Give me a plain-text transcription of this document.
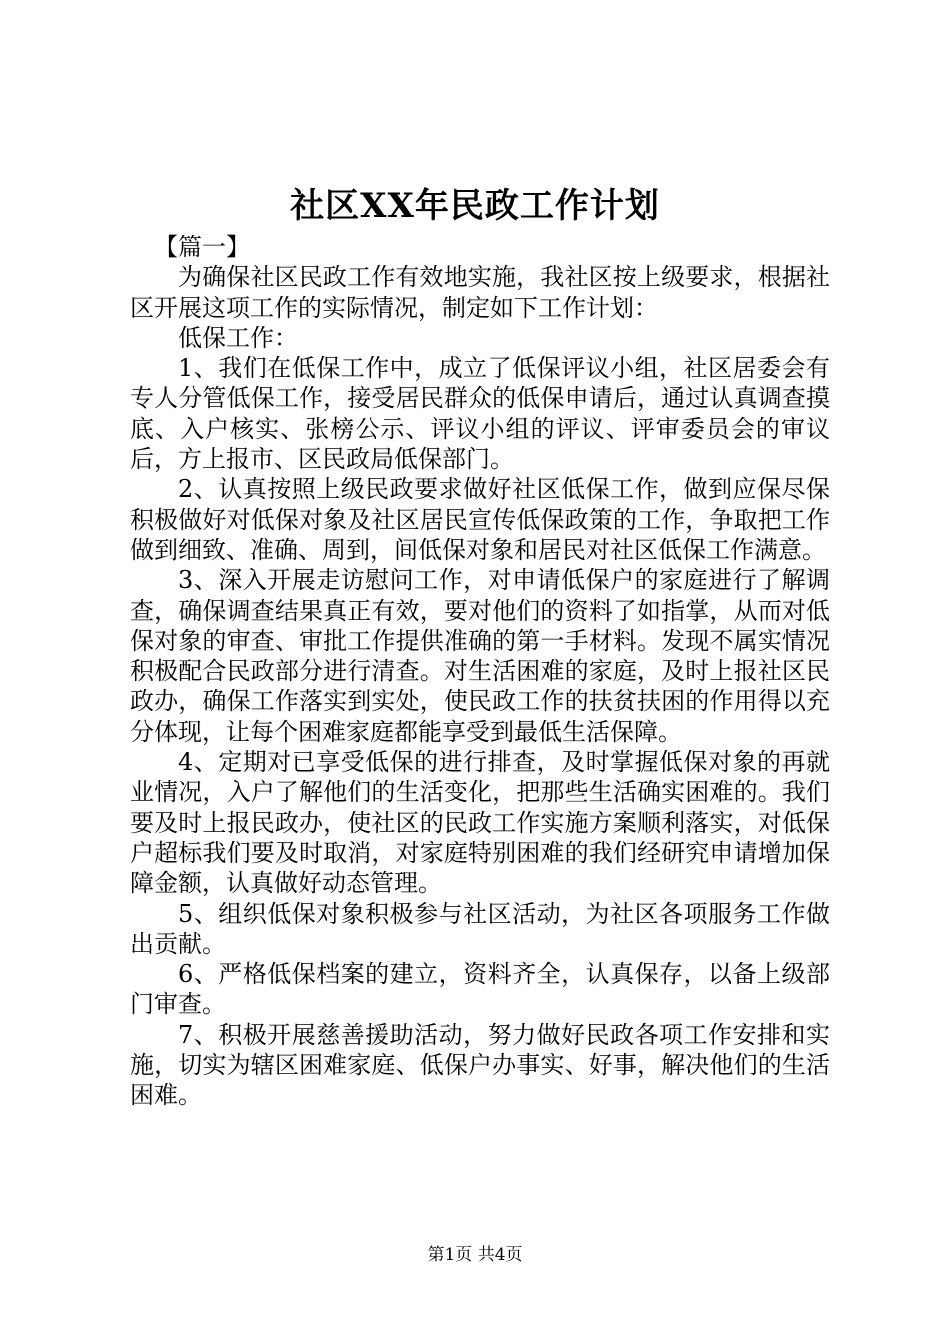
社区XX年民政工作计划

【篇一】

为确保社区民政工作有效地实施，我社区按上级要求，根据社区开展这项工作的实际情况，制定如下工作计划：

低保工作：

1、我们在低保工作中，成立了低保评议小组，社区居委会有专人分管低保工作，接受居民群众的低保申请后，通过认真调查摸底、入户核实、张榜公示、评议小组的评议、评审委员会的审议后，方上报市、区民政局低保部门。

2、认真按照上级民政要求做好社区低保工作，做到应保尽保积极做好对低保对象及社区居民宣传低保政策的工作，争取把工作做到细致、准确、周到，间低保对象和居民对社区低保工作满意。

3、深入开展走访慰问工作，对申请低保户的家庭进行了解调查，确保调查结果真正有效，要对他们的资料了如指掌，从而对低保对象的审查、审批工作提供准确的第一手材料。发现不属实情况积极配合民政部分进行清查。对生活困难的家庭，及时上报社区民政办，确保工作落实到实处，使民政工作的扶贫扶困的作用得以充分体现，让每个困难家庭都能享受到最低生活保障。

4、定期对已享受低保的进行排查，及时掌握低保对象的再就业情况，入户了解他们的生活变化，把那些生活确实困难的。我们要及时上报民政办，使社区的民政工作实施方案顺利落实，对低保户超标我们要及时取消，对家庭特别困难的我们经研究申请增加保障金额，认真做好动态管理。

5、组织低保对象积极参与社区活动，为社区各项服务工作做出贡献。

6、严格低保档案的建立，资料齐全，认真保存，以备上级部门审查。

7、积极开展慈善援助活动，努力做好民政各项工作安排和实施，切实为辖区困难家庭、低保户办事实、好事，解决他们的生活困难。

第1页 共4页
